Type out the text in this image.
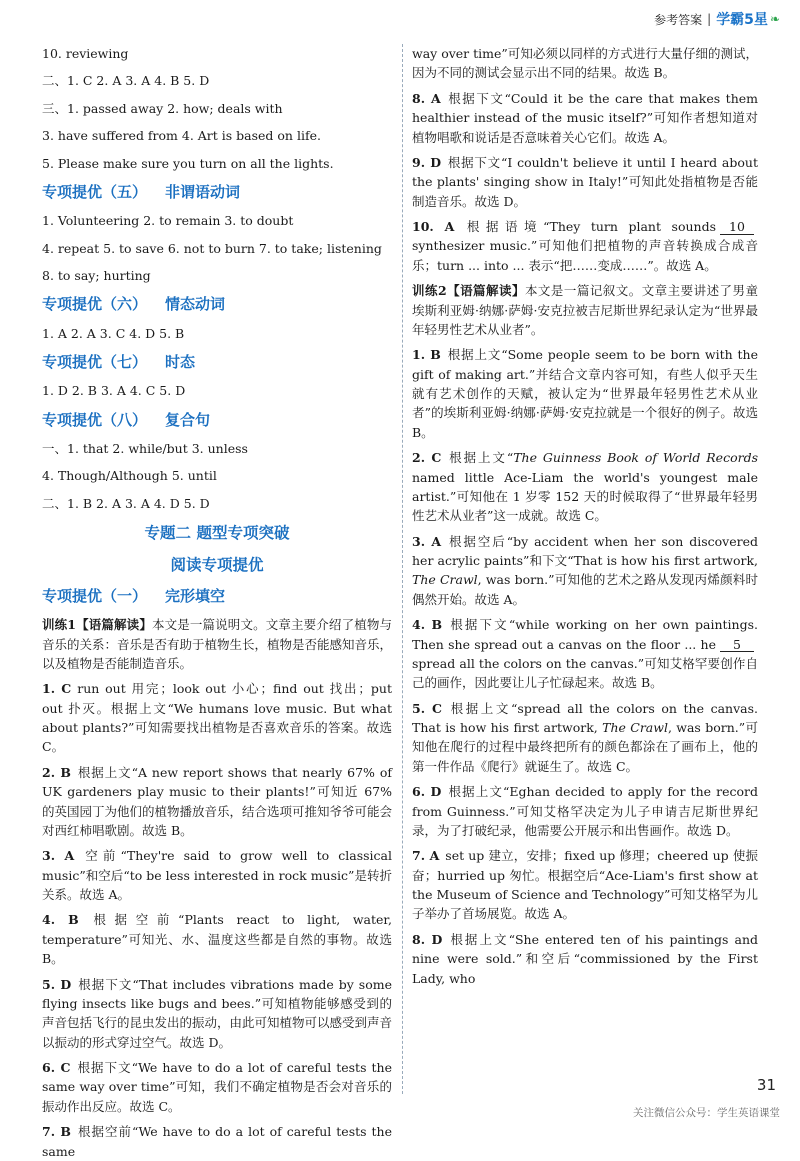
参考答案 | 学霸5星 ❧
10. reviewing
二、1. C 2. A 3. A 4. B 5. D
三、1. passed away 2. how; deals with
3. have suffered from 4. Art is based on life.
5. Please make sure you turn on all the lights.
专项提优（五） 非谓语动词
1. Volunteering 2. to remain 3. to doubt
4. repeat 5. to save 6. not to burn 7. to take; listening
8. to say; hurting
专项提优（六） 情态动词
1. A 2. A 3. C 4. D 5. B
专项提优（七） 时态
1. D 2. B 3. A 4. C 5. D
专项提优（八） 复合句
一、1. that 2. while/but 3. unless
4. Though/Although 5. until
二、1. B 2. A 3. A 4. D 5. D
专题二 题型专项突破
阅读专项提优
专项提优（一） 完形填空

训练1【语篇解读】本文是一篇说明文。文章主要介绍了植物与音乐的关系：音乐是否有助于植物生长，植物是否能感知音乐，以及植物是否能制造音乐。

1. C run out 用完；look out 小心；find out 找出；put out 扑灭。根据上文“We humans love music. But what about plants?”可知需要找出植物是否喜欢音乐的答案。故选 C。

2. B 根据上文“A new report shows that nearly 67% of UK gardeners play music to their plants!”可知近 67% 的英国园丁为他们的植物播放音乐，结合选项可推知爷爷可能会对西红柿唱歌剧。故选 B。

3. A 空前“They're said to grow well to classical music”和空后“to be less interested in rock music”是转折关系。故选 A。

4. B 根据空前“Plants react to light, water, temperature”可知光、水、温度这些都是自然的事物。故选 B。

5. D 根据下文“That includes vibrations made by some flying insects like bugs and bees.”可知植物能够感受到的声音包括飞行的昆虫发出的振动，由此可知植物可以感受到声音以振动的形式穿过空气。故选 D。

6. C 根据下文“We have to do a lot of careful tests the same way over time”可知，我们不确定植物是否会对音乐的振动作出反应。故选 C。

7. B 根据空前“We have to do a lot of careful tests the same

way over time”可知必须以同样的方式进行大量仔细的测试，因为不同的测试会显示出不同的结果。故选 B。

8. A 根据下文“Could it be the care that makes them healthier instead of the music itself?”可知作者想知道对植物唱歌和说话是否意味着关心它们。故选 A。

9. D 根据下文“I couldn't believe it until I heard about the plants' singing show in Italy!”可知此处指植物是否能制造音乐。故选 D。

10. A 根据语境“They turn plant sounds 10synthesizer music.”可知他们把植物的声音转换成合成音乐；turn ... into ... 表示“把……变成……”。故选 A。

训练2【语篇解读】本文是一篇记叙文。文章主要讲述了男童埃斯利亚姆·纳娜·萨姆·安克拉被吉尼斯世界纪录认定为“世界最年轻男性艺术从业者”。

1. B 根据上文“Some people seem to be born with the gift of making art.”并结合文章内容可知，有些人似乎天生就有艺术创作的天赋，被认定为“世界最年轻男性艺术从业者”的埃斯利亚姆·纳娜·萨姆·安克拉就是一个很好的例子。故选 B。

2. C 根据上文“The Guinness Book of World Records named little Ace-Liam the world's youngest male artist.”可知他在 1 岁零 152 天的时候取得了“世界最年轻男性艺术从业者”这一成就。故选 C。

3. A 根据空后“by accident when her son discovered her acrylic paints”和下文“That is how his first artwork, The Crawl, was born.”可知他的艺术之路从发现丙烯颜料时偶然开始。故选 A。

4. B 根据下文“while working on her own paintings. Then she spread out a canvas on the floor ... he 5spread all the colors on the canvas.”可知艾格罕要创作自己的画作，因此要让儿子忙碌起来。故选 B。

5. C 根据上文“spread all the colors on the canvas. That is how his first artwork, The Crawl, was born.”可知他在爬行的过程中最终把所有的颜色都涂在了画布上，他的第一件作品《爬行》就诞生了。故选 C。

6. D 根据上文“Eghan decided to apply for the record from Guinness.”可知艾格罕决定为儿子申请吉尼斯世界纪录，为了打破纪录，他需要公开展示和出售画作。故选 D。

7. A set up 建立，安排；fixed up 修理；cheered up 使振奋；hurried up 匆忙。根据空后“Ace-Liam's first show at the Museum of Science and Technology”可知艾格罕为儿子举办了首场展览。故选 A。

8. D 根据上文“She entered ten of his paintings and nine were sold.”和空后“commissioned by the First Lady, who

31
关注微信公众号：学生英语课堂
